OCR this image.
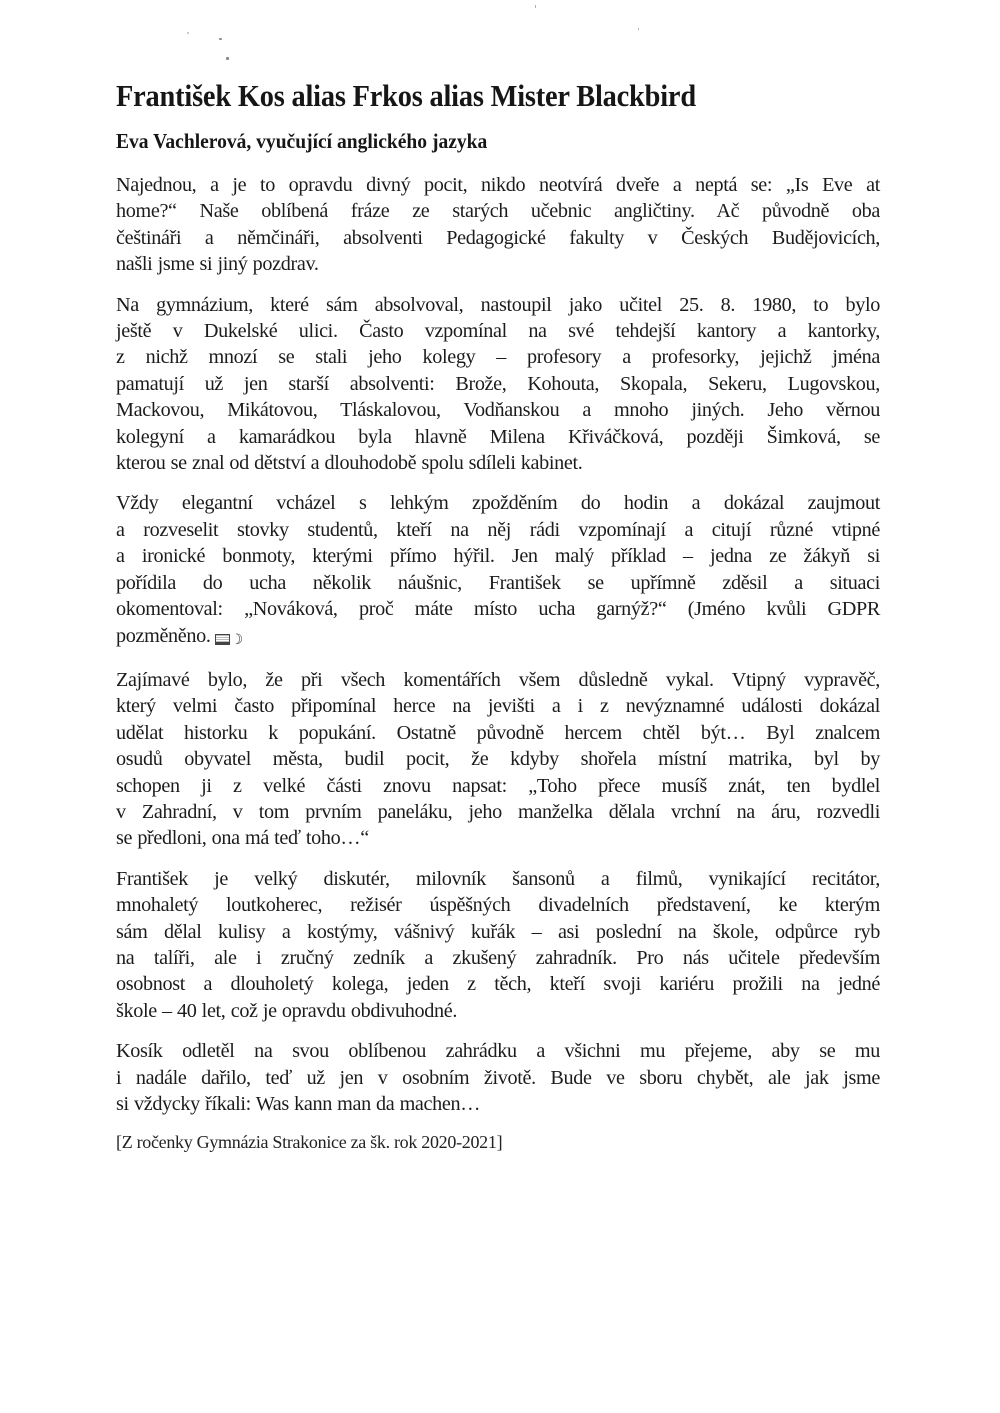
František Kos alias Frkos alias Mister Blackbird
Eva Vachlerová, vyučující anglického jazyka

Najednou, a je to opravdu divný pocit, nikdo neotvírá dveře a neptá se: „Is Eve at
home?“ Naše oblíbená fráze ze starých učebnic angličtiny. Ač původně oba
češtináři a němčináři, absolventi Pedagogické fakulty v Českých Budějovicích,
našli jsme si jiný pozdrav.

Na gymnázium, které sám absolvoval, nastoupil jako učitel 25. 8. 1980, to bylo
ještě v Dukelské ulici. Často vzpomínal na své tehdejší kantory a kantorky,
z nichž mnozí se stali jeho kolegy – profesory a profesorky, jejichž jména
pamatují už jen starší absolventi: Brože, Kohouta, Skopala, Sekeru, Lugovskou,
Mackovou, Mikátovou, Tláskalovou, Vodňanskou a mnoho jiných. Jeho věrnou
kolegyní a kamarádkou byla hlavně Milena Křiváčková, později Šimková, se
kterou se znal od dětství a dlouhodobě spolu sdíleli kabinet.

Vždy elegantní vcházel s lehkým zpožděním do hodin a dokázal zaujmout
a rozveselit stovky studentů, kteří na něj rádi vzpomínají a citují různé vtipné
a ironické bonmoty, kterými přímo hýřil. Jen malý příklad – jedna ze žákyň si
pořídila do ucha několik náušnic, František se upřímně zděsil a situaci
okomentoval: „Nováková, proč máte místo ucha garnýž?“ (Jméno kvůli GDPR
pozměněno. ☽

Zajímavé bylo, že při všech komentářích všem důsledně vykal. Vtipný vypravěč,
který velmi často připomínal herce na jevišti a i z nevýznamné události dokázal
udělat historku k popukání. Ostatně původně hercem chtěl být… Byl znalcem
osudů obyvatel města, budil pocit, že kdyby shořela místní matrika, byl by
schopen ji z velké části znovu napsat: „Toho přece musíš znát, ten bydlel
v Zahradní, v tom prvním paneláku, jeho manželka dělala vrchní na áru, rozvedli
se předloni, ona má teď toho…“

František je velký diskutér, milovník šansonů a filmů, vynikající recitátor,
mnohaletý loutkoherec, režisér úspěšných divadelních představení, ke kterým
sám dělal kulisy a kostýmy, vášnivý kuřák – asi poslední na škole, odpůrce ryb
na talíři, ale i zručný zedník a zkušený zahradník. Pro nás učitele především
osobnost a dlouholetý kolega, jeden z těch, kteří svoji kariéru prožili na jedné
škole – 40 let, což je opravdu obdivuhodné.

Kosík odletěl na svou oblíbenou zahrádku a všichni mu přejeme, aby se mu
i nadále dařilo, teď už jen v osobním životě. Bude ve sboru chybět, ale jak jsme
si vždycky říkali: Was kann man da machen…

[Z ročenky Gymnázia Strakonice za šk. rok 2020-2021]
